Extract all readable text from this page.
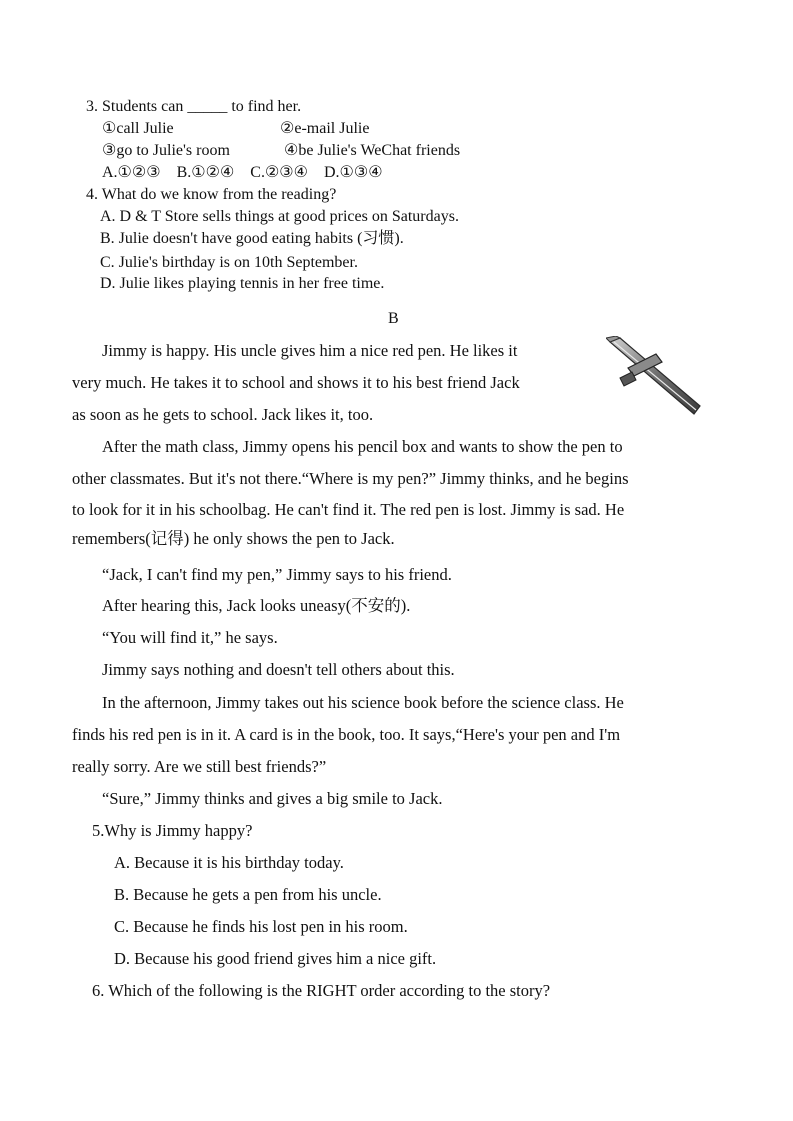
3. Students can _____ to find her.
①call Julie	②e-mail Julie
③go to Julie's room	④be Julie's WeChat friends
A.①②③    B.①②④    C.②③④    D.①③④
4. What do we know from the reading?
A. D & T Store sells things at good prices on Saturdays.
B. Julie doesn't have good eating habits (习惯).
C. Julie's birthday is on 10th September.
D. Julie likes playing tennis in her free time.
B
Jimmy is happy. His uncle gives him a nice red pen. He likes it
very much. He takes it to school and shows it to his best friend Jack
as soon as he gets to school. Jack likes it, too.
After the math class, Jimmy opens his pencil box and wants to show the pen to
other classmates. But it's not there.“Where is my pen?” Jimmy thinks, and he begins
to look for it in his schoolbag. He can't find it. The red pen is lost. Jimmy is sad. He
remembers(记得) he only shows the pen to Jack.
“Jack, I can't find my pen,” Jimmy says to his friend.
After hearing this, Jack looks uneasy(不安的).
“You will find it,” he says.
Jimmy says nothing and doesn't tell others about this.
In the afternoon, Jimmy takes out his science book before the science class. He
finds his red pen is in it. A card is in the book, too. It says,“Here's your pen and I'm
really sorry. Are we still best friends?”
“Sure,” Jimmy thinks and gives a big smile to Jack.
5.Why is Jimmy happy?
A. Because it is his birthday today.
B. Because he gets a pen from his uncle.
C. Because he finds his lost pen in his room.
D. Because his good friend gives him a nice gift.
6. Which of the following is the RIGHT order according to the story?
